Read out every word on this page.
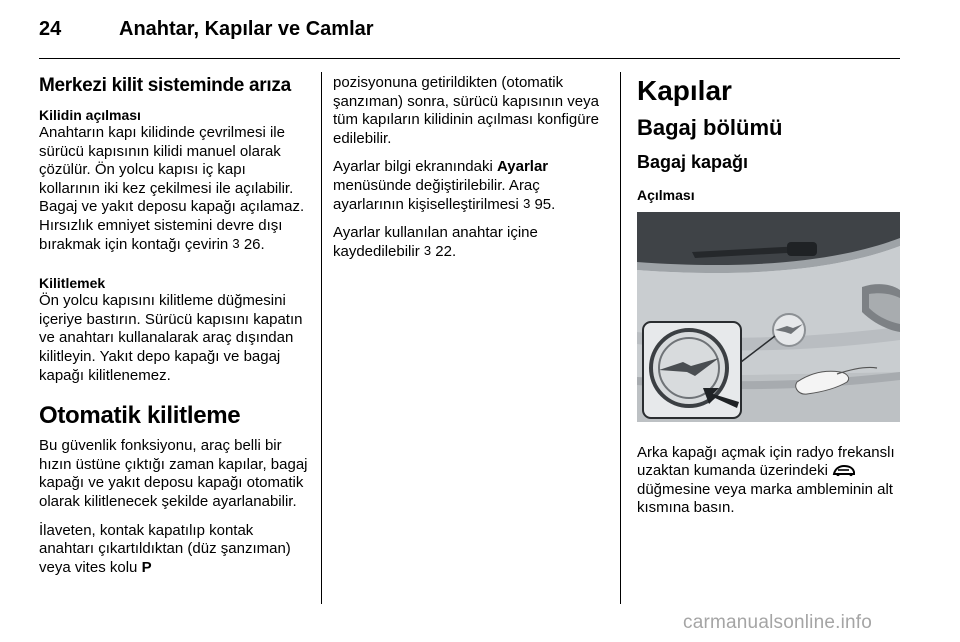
24	Anahtar, Kapılar ve Camlar
Merkezi kilit sisteminde arıza
Kilidin açılması

Anahtarın kapı kilidinde çevrilmesi ile sürücü kapısının kilidi manuel olarak çözülür. Ön yolcu kapısı iç kapı kollarının iki kez çekilmesi ile açılabilir. Bagaj ve yakıt deposu kapağı açılamaz. Hırsızlık emniyet sistemini devre dışı bırakmak için kontağı çevirin 3 26.

Kilitlemek

Ön yolcu kapısını kilitleme düğmesini içeriye bastırın. Sürücü kapısını kapatın ve anahtarı kullanalarak araç dışından kilitleyin. Yakıt depo kapağı ve bagaj kapağı kilitlenemez.

Otomatik kilitleme

Bu güvenlik fonksiyonu, araç belli bir hızın üstüne çıktığı zaman kapılar, bagaj kapağı ve yakıt deposu kapağı otomatik olarak kilitlenecek şekilde ayarlanabilir.

İlaveten, kontak kapatılıp kontak anahtarı çıkartıldıktan (düz şanzıman) veya vites kolu P

pozisyonuna getirildikten (otomatik şanzıman) sonra, sürücü kapısının veya tüm kapıların kilidinin açılması konfigüre edilebilir.

Ayarlar bilgi ekranındaki Ayarlar menüsünde değiştirilebilir. Araç ayarlarının kişiselleştirilmesi 3 95.

Ayarlar kullanılan anahtar içine kaydedilebilir 3 22.

Kapılar
Bagaj bölümü
Bagaj kapağı
Açılması

Arka kapağı açmak için radyo frekanslı uzaktan kumanda üzerindeki  düğmesine veya marka ambleminin alt kısmına basın.

carmanualsonline.info
